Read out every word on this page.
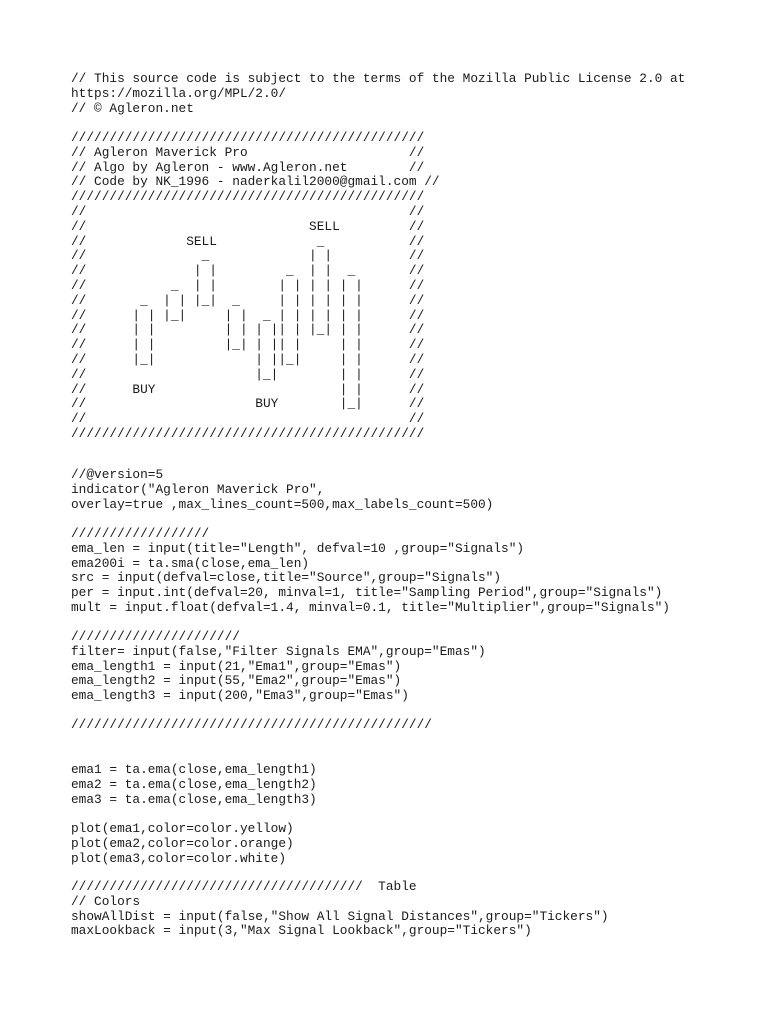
// This source code is subject to the terms of the Mozilla Public License 2.0 at
https://mozilla.org/MPL/2.0/
// © Agleron.net
//////////////////////////////////////////////
// Agleron Maverick Pro                     //
// Algo by Agleron - www.Agleron.net        //
// Code by NK_1996 - naderkalil2000@gmail.com //
//////////////////////////////////////////////
//                                          //
//                             SELL         //
//             SELL             _           //
//               _             | |          //
//              | |         _  | |  _       //
//           _  | |        | | | | | |      //
//       _  | | |_|  _     | | | | | |      //
//      | | |_|     | |  _ | | | | | |      //
//      | |         | | | || | |_| | |      //
//      | |         |_| | || |     | |      //
//      |_|             | ||_|     | |      //
//                      |_|        | |      //
//      BUY                        | |      //
//                      BUY        |_|      //
//                                          //
//////////////////////////////////////////////
//@version=5
indicator("Agleron Maverick Pro",
overlay=true ,max_lines_count=500,max_labels_count=500)
//////////////////
ema_len = input(title="Length", defval=10 ,group="Signals")
ema200i = ta.sma(close,ema_len)
src = input(defval=close,title="Source",group="Signals")
per = input.int(defval=20, minval=1, title="Sampling Period",group="Signals")
mult = input.float(defval=1.4, minval=0.1, title="Multiplier",group="Signals")
//////////////////////
filter= input(false,"Filter Signals EMA",group="Emas")
ema_length1 = input(21,"Ema1",group="Emas")
ema_length2 = input(55,"Ema2",group="Emas")
ema_length3 = input(200,"Ema3",group="Emas")
///////////////////////////////////////////////
ema1 = ta.ema(close,ema_length1)
ema2 = ta.ema(close,ema_length2)
ema3 = ta.ema(close,ema_length3)
plot(ema1,color=color.yellow)
plot(ema2,color=color.orange)
plot(ema3,color=color.white)
//////////////////////////////////////  Table
// Colors
showAllDist = input(false,"Show All Signal Distances",group="Tickers")
maxLookback = input(3,"Max Signal Lookback",group="Tickers")
